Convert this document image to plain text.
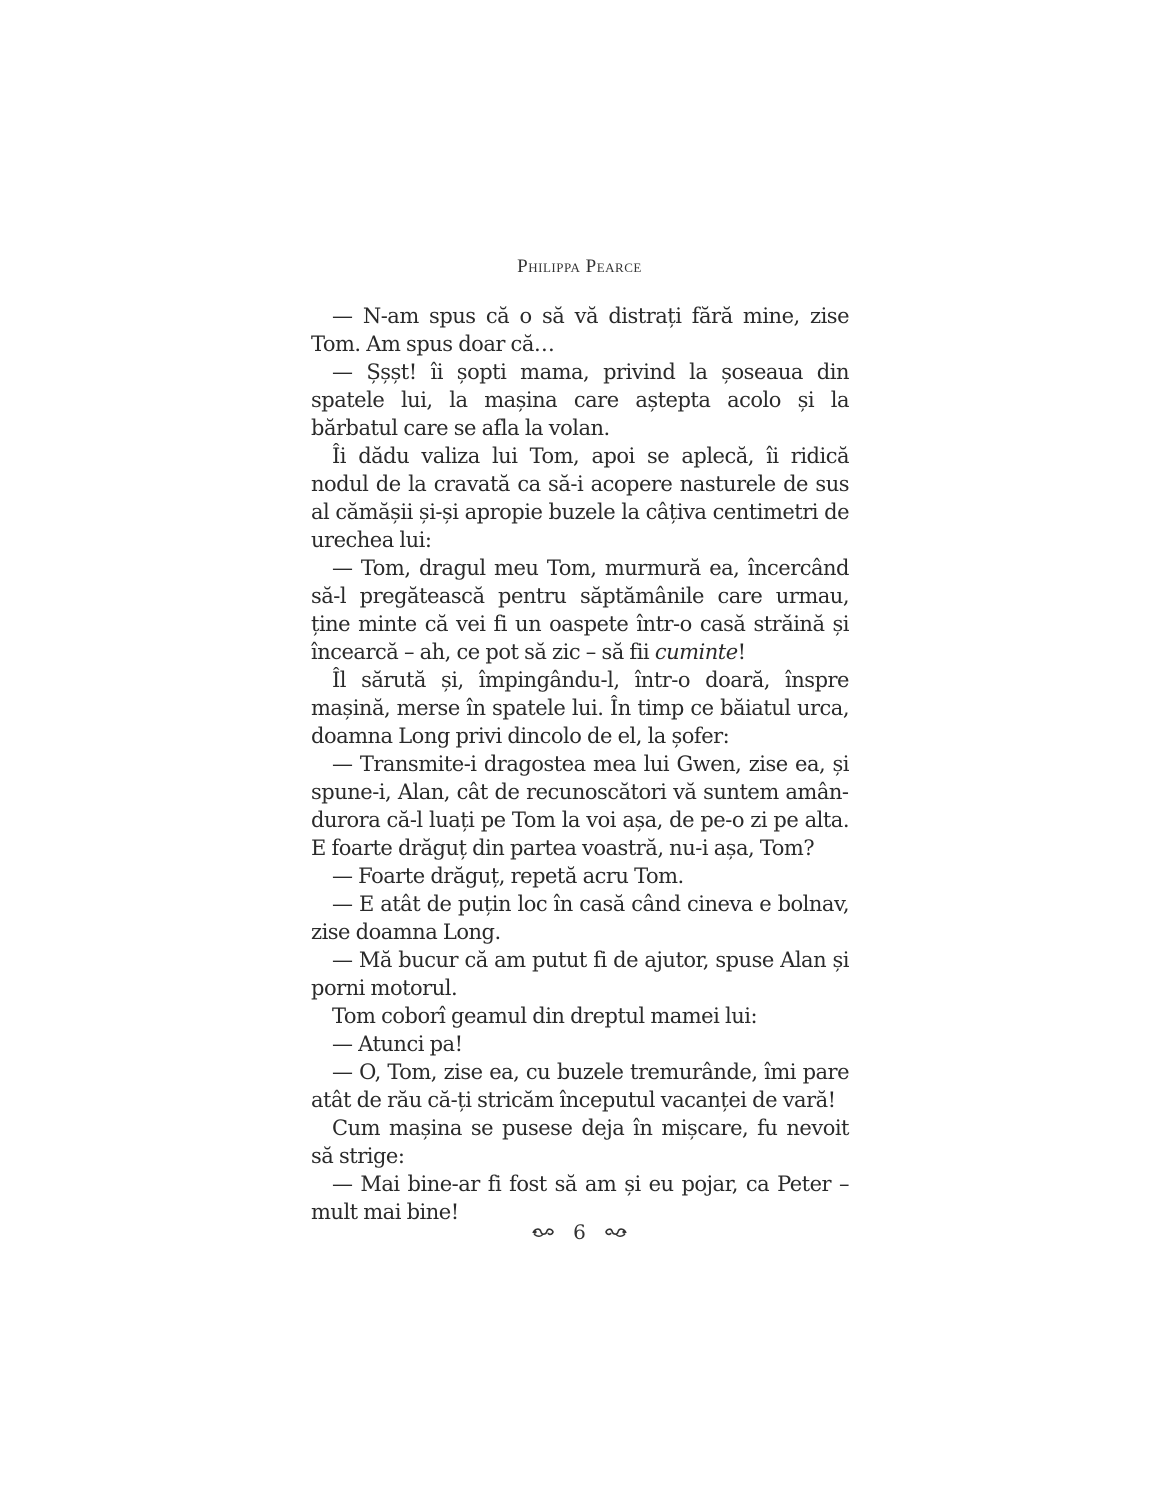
Philippa Pearce

— N-am spus că o să vă distrați fără mine, zise Tom. Am spus doar că…

— Șșșt! îi șopti mama, privind la șoseaua din spatele lui, la mașina care aștepta acolo și la bărbatul care se afla la volan.

Îi dădu valiza lui Tom, apoi se aplecă, îi ridică nodul de la cravată ca să-i acopere nasturele de sus al cămășii și-și apropie buzele la câțiva centimetri de urechea lui:

— Tom, dragul meu Tom, murmură ea, încercând să-l pregătească pentru săptămânile care urmau, ține minte că vei fi un oaspete într-o casă străină și încearcă – ah, ce pot să zic – să fii cuminte!

Îl sărută și, împingându-l, într-o doară, înspre mașină, merse în spatele lui. În timp ce băiatul urca, doamna Long privi dincolo de el, la șofer:

— Transmite-i dragostea mea lui Gwen, zise ea, și spune-i, Alan, cât de recunoscători vă suntem amândurora că-l luați pe Tom la voi așa, de pe-o zi pe alta. E foarte drăguț din partea voastră, nu-i așa, Tom?

— Foarte drăguț, repetă acru Tom.

— E atât de puțin loc în casă când cineva e bolnav, zise doamna Long.

— Mă bucur că am putut fi de ajutor, spuse Alan și porni motorul.

Tom coborî geamul din dreptul mamei lui:

— Atunci pa!

— O, Tom, zise ea, cu buzele tremurânde, îmi pare atât de rău că-ți stricăm începutul vacanței de vară!

Cum mașina se pusese deja în mișcare, fu nevoit să strige:

— Mai bine-ar fi fost să am și eu pojar, ca Peter – mult mai bine!

6
